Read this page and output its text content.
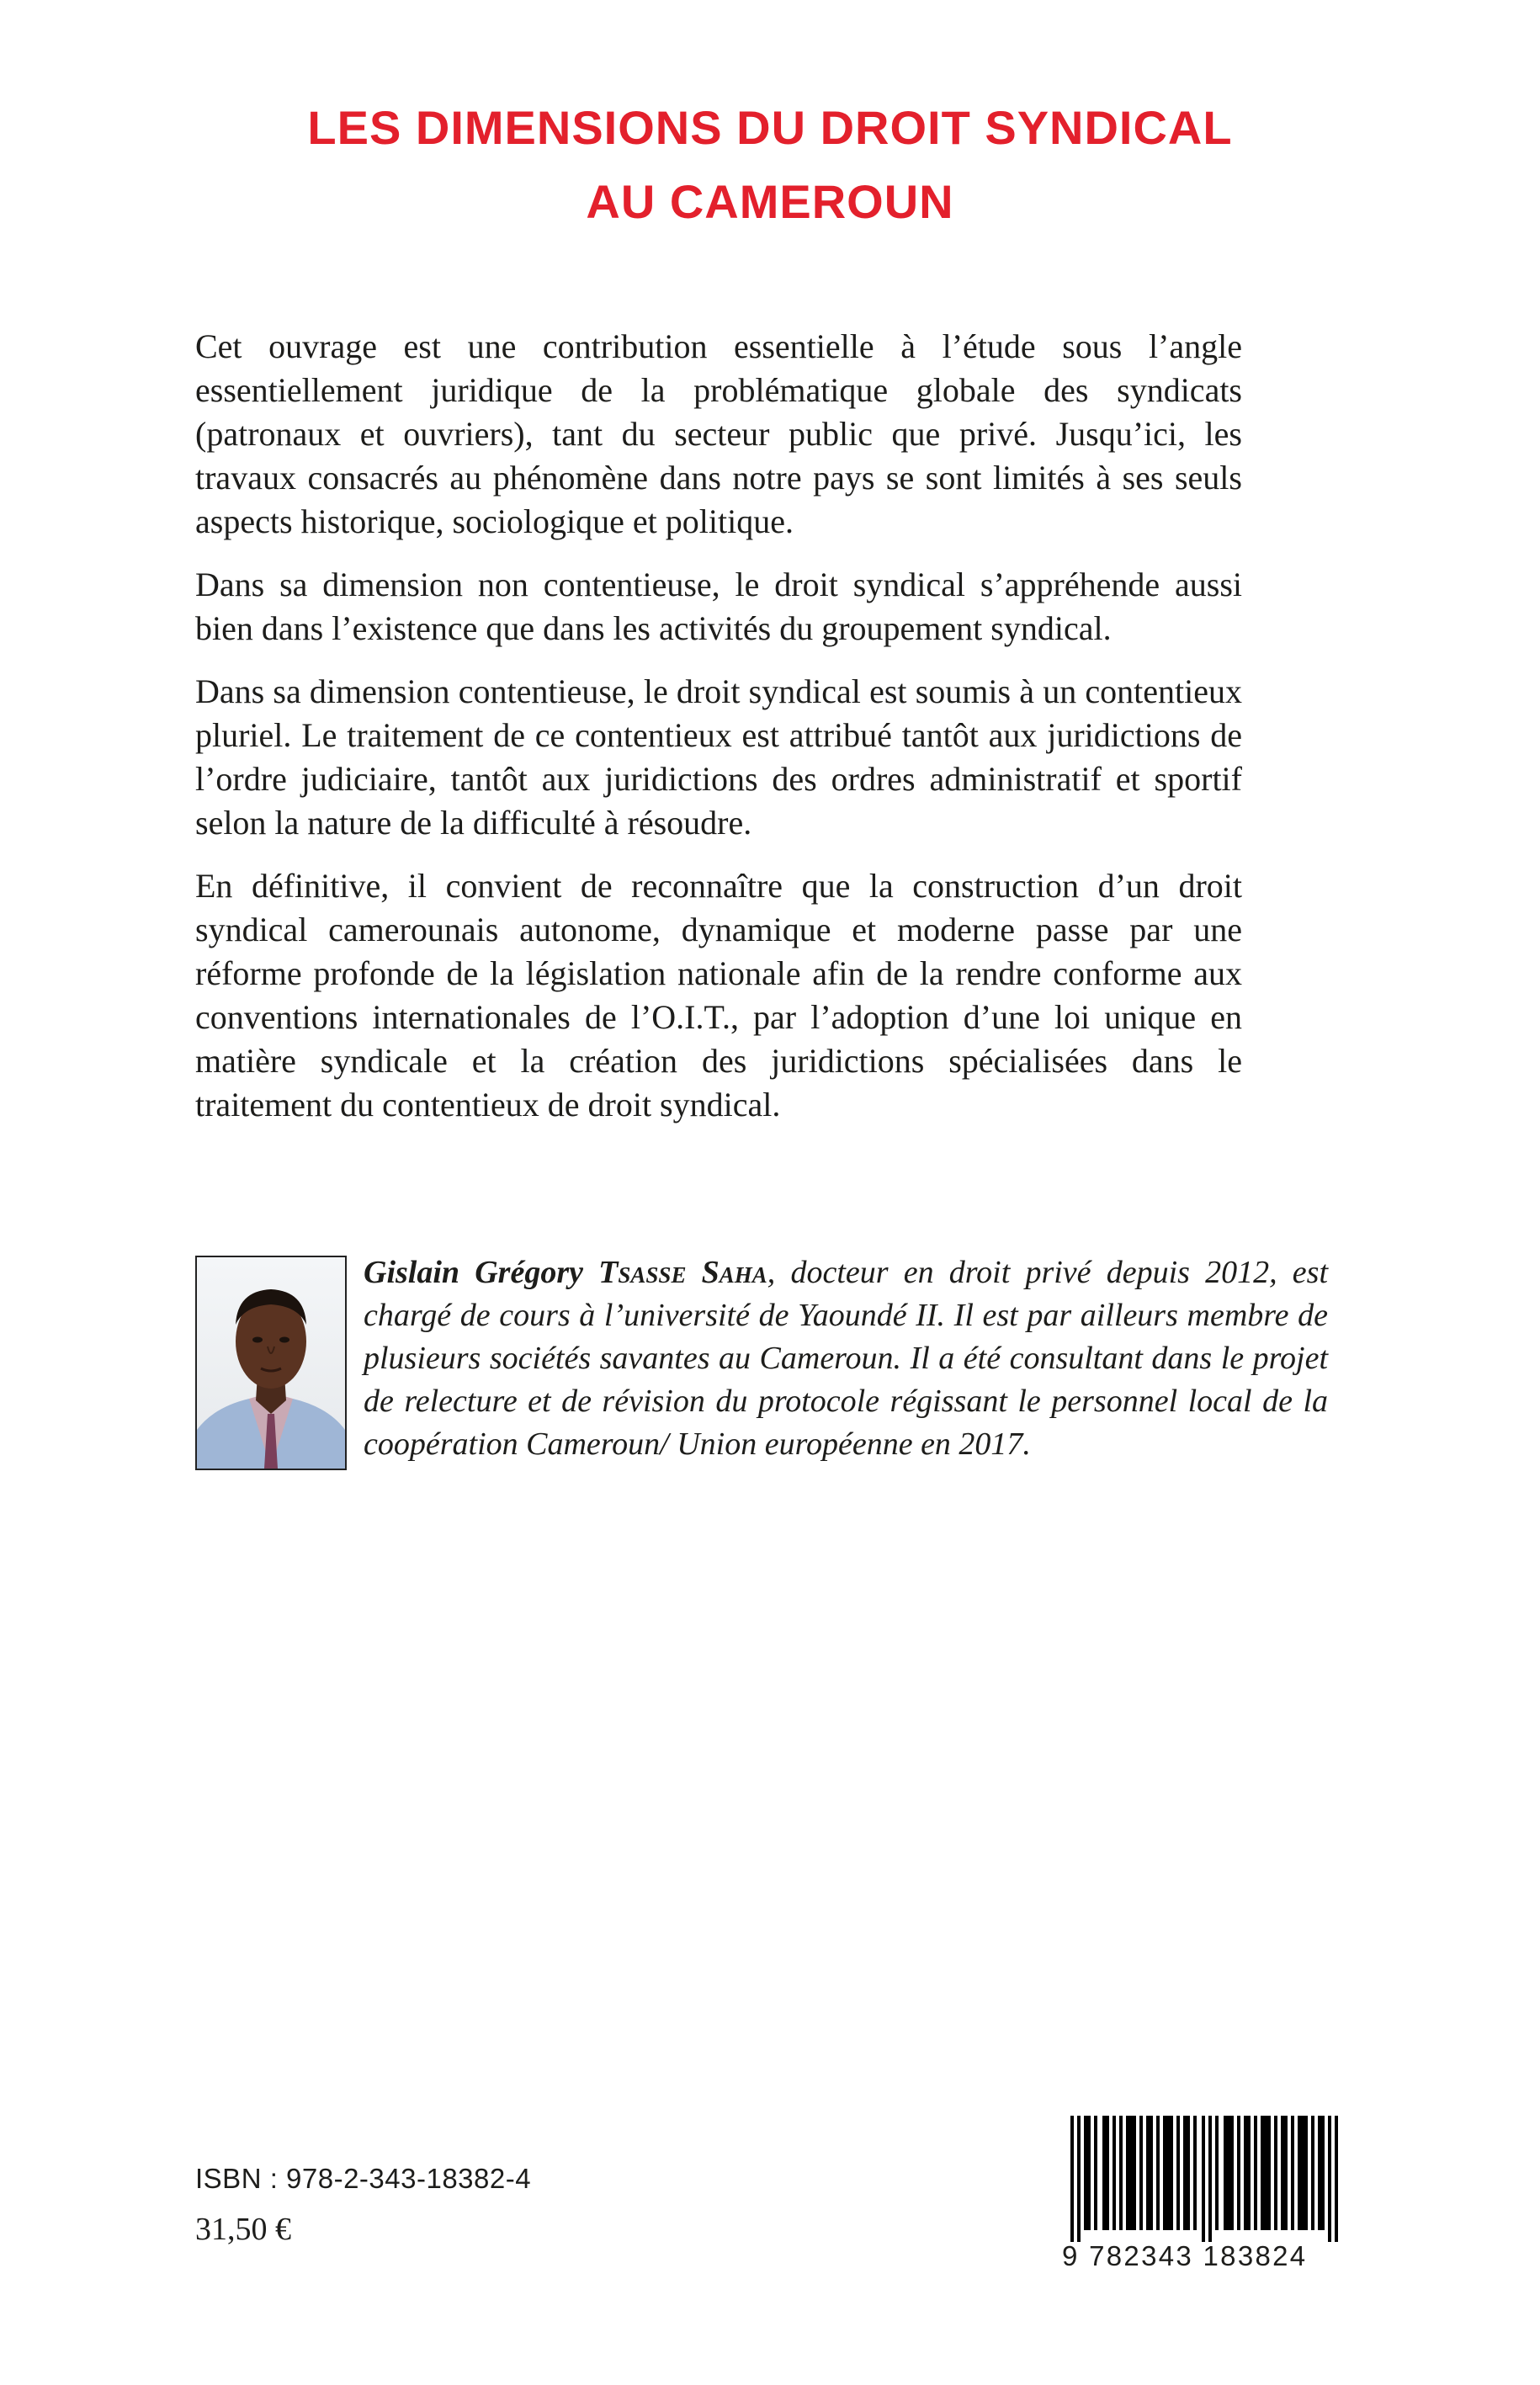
LES DIMENSIONS DU DROIT SYNDICAL
AU CAMEROUN

Cet ouvrage est une contribution essentielle à l’étude sous l’angle essentiellement juridique de la problématique globale des syndicats (patronaux et ouvriers), tant du secteur public que privé. Jusqu’ici, les travaux consacrés au phénomène dans notre pays se sont limités à ses seuls aspects historique, sociologique et politique.

Dans sa dimension non contentieuse, le droit syndical s’appréhende aussi bien dans l’existence que dans les activités du groupement syndical.

Dans sa dimension contentieuse, le droit syndical est soumis à un contentieux pluriel. Le traitement de ce contentieux est attribué tantôt aux juridictions de l’ordre judiciaire, tantôt aux juridictions des ordres administratif et sportif selon la nature de la difficulté à résoudre.

En définitive, il convient de reconnaître que la construction d’un droit syndical camerounais autonome, dynamique et moderne passe par une réforme profonde de la législation nationale afin de la rendre conforme aux conventions internationales de l’O.I.T., par l’adoption d’une loi unique en matière syndicale et la création des juridictions spécialisées dans le traitement du contentieux de droit syndical.

Gislain Grégory Tsasse Saha, docteur en droit privé depuis 2012, est chargé de cours à l’université de Yaoundé II. Il est par ailleurs membre de plusieurs sociétés savantes au Cameroun. Il a été consultant dans le projet de relecture et de révision du protocole régissant le personnel local de la coopération Cameroun/ Union européenne en 2017.
ISBN : 978-2-343-18382-4
31,50 €
9 782343 183824
